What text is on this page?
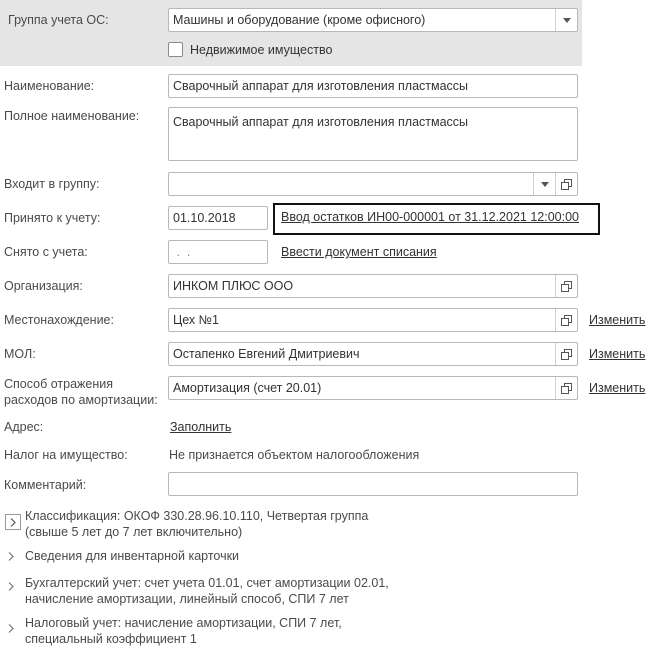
Группа учета ОС:	Машины и оборудование (кроме офисного)
Недвижимое имущество
Наименование:	Сварочный аппарат для изготовления пластмассы
Полное наименование:	Сварочный аппарат для изготовления пластмассы
Входит в группу:
Принято к учету:	01.10.2018	Ввод остатков ИН00-000001 от 31.12.2021 12:00:00
Снято с учета:	.  .	Ввести документ списания
Организация:	ИНКОМ ПЛЮС ООО
Местонахождение:	Цех №1	Изменить
МОЛ:	Остапенко Евгений Дмитриевич	Изменить
Способ отражения
расходов по амортизации:
Амортизация (счет 20.01)	Изменить
Адрес:	Заполнить
Налог на имущество:	Не признается объектом налогообложения
Комментарий:
Классификация: ОКОФ 330.28.96.10.110, Четвертая группа
(свыше 5 лет до 7 лет включительно)
Сведения для инвентарной карточки
Бухгалтерский учет: счет учета 01.01, счет амортизации 02.01,
начисление амортизации, линейный способ, СПИ 7 лет
Налоговый учет: начисление амортизации, СПИ 7 лет,
специальный коэффициент 1
